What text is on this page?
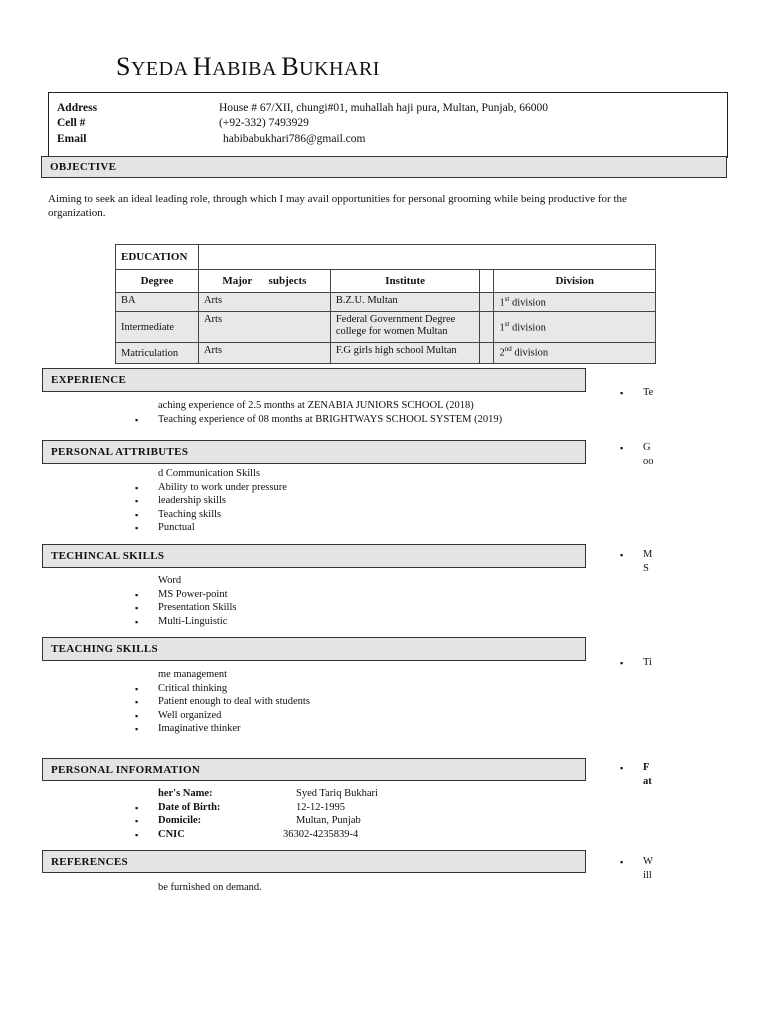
SYEDA HABIBA BUKHARI
Address	House # 67/XII, chungi#01, muhallah haji pura, Multan, Punjab, 66000
Cell #	(+92-332) 7493929
Email	habibabukhari786@gmail.com
OBJECTIVE
Aiming to seek an ideal leading role, through which I may avail opportunities for personal grooming while being productive for the
organization.
EDUCATION				
Degree	Major      subjects	Institute		Division
BA	Arts	B.Z.U. Multan		1st division
Intermediate	Arts	Federal Government Degree college for women Multan		1st division
Matriculation	Arts	F.G girls high school Multan		2nd division
EXPERIENCE
▪ Te
aching experience of 2.5 months at ZENABIA JUNIORS SCHOOL (2018)
▪ Teaching experience of 08 months at BRIGHTWAYS SCHOOL SYSTEM (2019)
PERSONAL ATTRIBUTES	▪ G
oo
d Communication Skills
▪ Ability to work under pressure
▪ leadership skills
▪ Teaching skills
▪ Punctual
TECHINCAL SKILLS	▪ M
S
Word
▪ MS Power-point
▪ Presentation Skills
▪ Multi-Linguistic
TEACHING SKILLS
▪ Ti
me management
▪ Critical thinking
▪ Patient enough to deal with students
▪ Well organized
▪ Imaginative thinker
PERSONAL INFORMATION	▪ F
at
her's Name:	Syed Tariq Bukhari
▪ Date of Birth:	12-12-1995
▪ Domicile:	Multan, Punjab
▪ CNIC	36302-4235839-4
REFERENCES	▪ W
ill
be furnished on demand.
